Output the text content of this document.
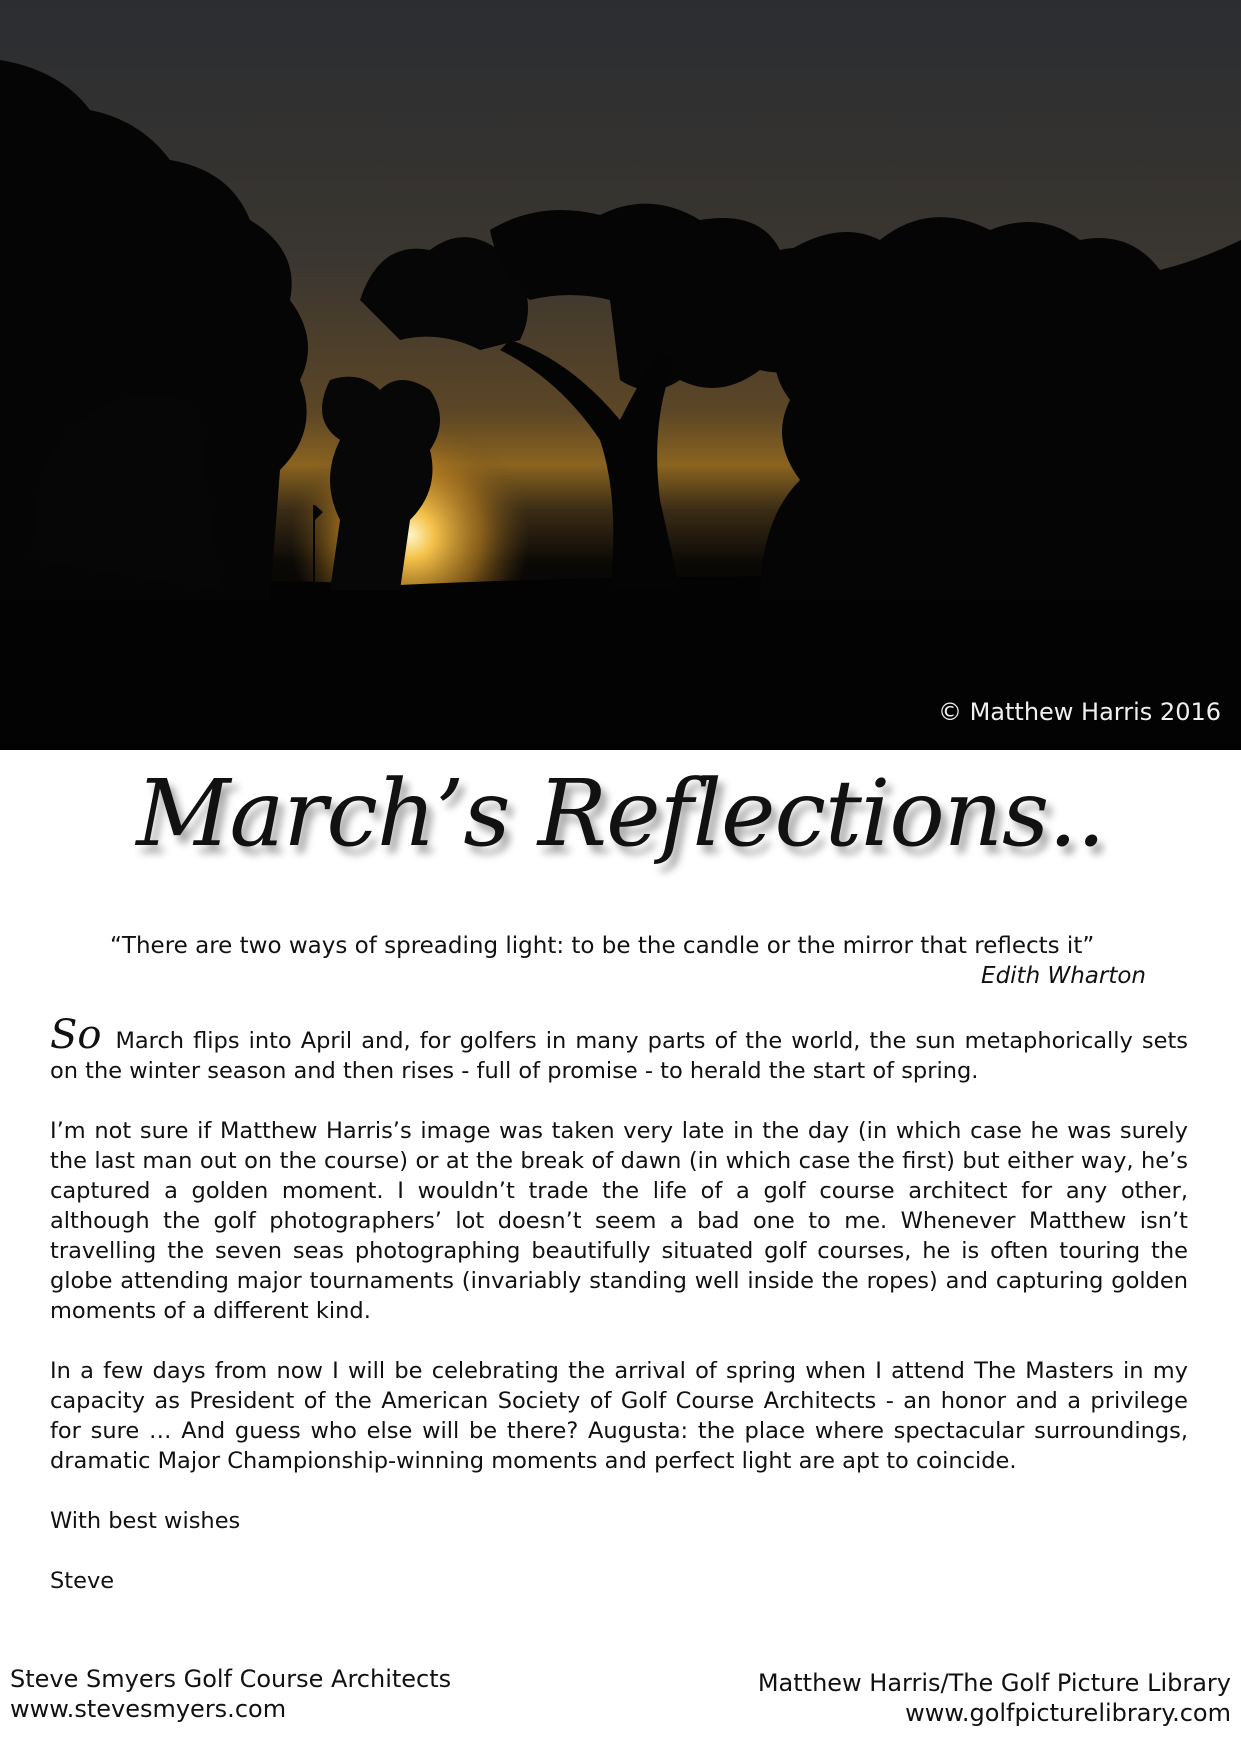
© Matthew Harris 2016
March’s Reflections..
“There are two ways of spreading light: to be the candle or the mirror that reflects it”
Edith Wharton

So March flips into April and, for golfers in many parts of the world, the sun metaphorically sets on the winter season and then rises - full of promise - to herald the start of spring.

I’m not sure if Matthew Harris’s image was taken very late in the day (in which case he was surely the last man out on the course) or at the break of dawn (in which case the first) but either way, he’s captured a golden moment. I wouldn’t trade the life of a golf course architect for any other, although the golf photographers’ lot doesn’t seem a bad one to me. Whenever Matthew isn’t travelling the seven seas photographing beautifully situated golf courses, he is often touring the globe attending major tournaments (invariably standing well inside the ropes) and capturing golden moments of a different kind.

In a few days from now I will be celebrating the arrival of spring when I attend The Masters in my capacity as President of the American Society of Golf Course Architects - an honor and a privilege for sure … And guess who else will be there? Augusta: the place where spectacular surroundings, dramatic Major Championship-winning moments and perfect light are apt to coincide.

With best wishes

Steve

Steve Smyers Golf Course Architects
www.stevesmyers.com
Matthew Harris/The Golf Picture Library
www.golfpicturelibrary.com
